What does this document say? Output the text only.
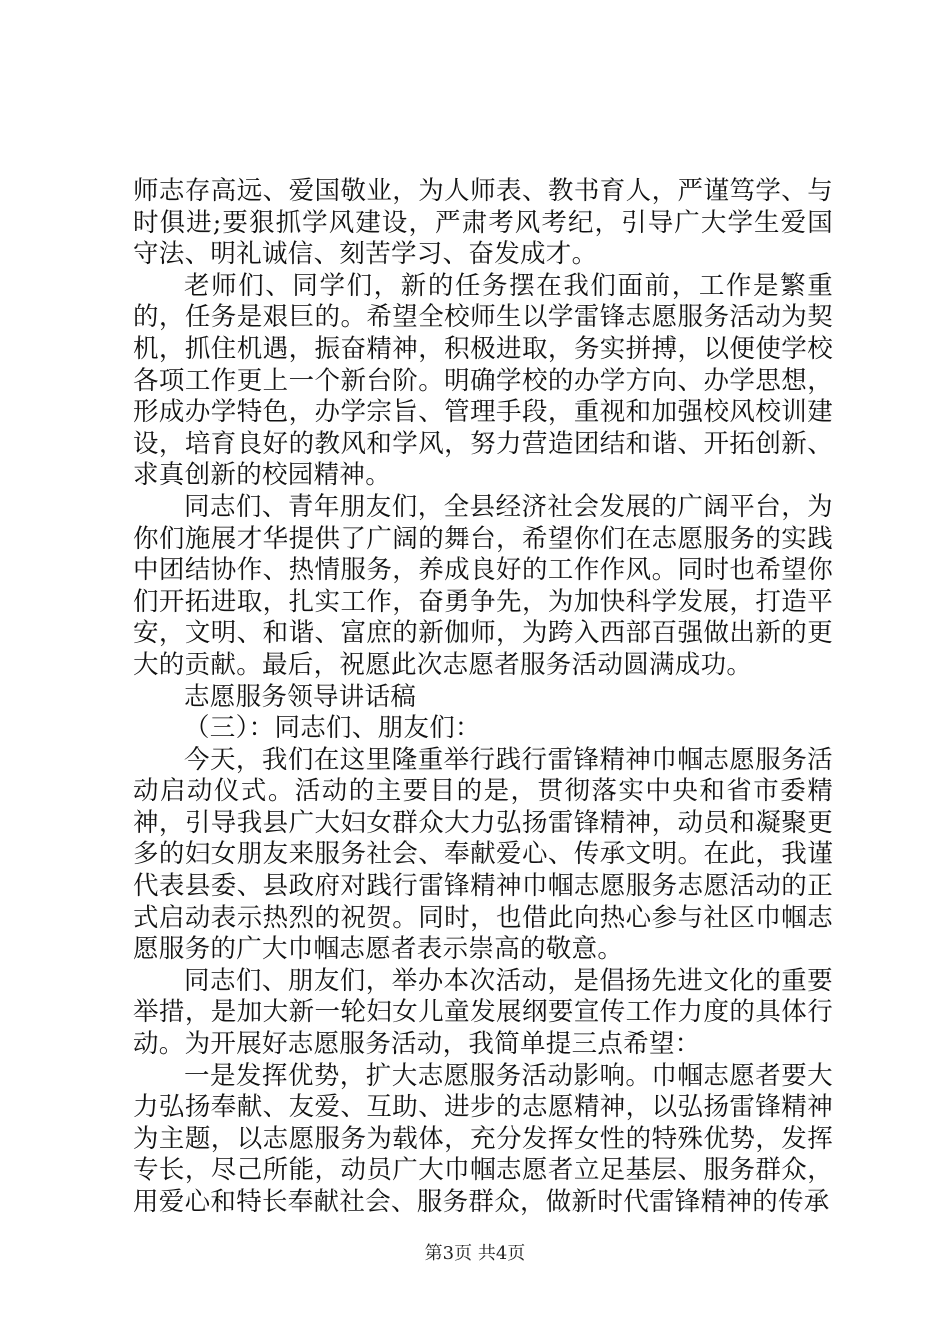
师志存高远、爱国敬业，为人师表、教书育人，严谨笃学、与时俱进;要狠抓学风建设，严肃考风考纪，引导广大学生爱国守法、明礼诚信、刻苦学习、奋发成才。

老师们、同学们，新的任务摆在我们面前，工作是繁重的，任务是艰巨的。希望全校师生以学雷锋志愿服务活动为契机，抓住机遇，振奋精神，积极进取，务实拼搏，以便使学校各项工作更上一个新台阶。明确学校的办学方向、办学思想，形成办学特色，办学宗旨、管理手段，重视和加强校风校训建设，培育良好的教风和学风，努力营造团结和谐、开拓创新、求真创新的校园精神。

同志们、青年朋友们，全县经济社会发展的广阔平台，为你们施展才华提供了广阔的舞台，希望你们在志愿服务的实践中团结协作、热情服务，养成良好的工作作风。同时也希望你们开拓进取，扎实工作，奋勇争先，为加快科学发展，打造平安，文明、和谐、富庶的新伽师，为跨入西部百强做出新的更大的贡献。最后，祝愿此次志愿者服务活动圆满成功。

志愿服务领导讲话稿

（三）：同志们、朋友们：

今天，我们在这里隆重举行践行雷锋精神巾帼志愿服务活动启动仪式。活动的主要目的是，贯彻落实中央和省市委精神，引导我县广大妇女群众大力弘扬雷锋精神，动员和凝聚更多的妇女朋友来服务社会、奉献爱心、传承文明。在此，我谨代表县委、县政府对践行雷锋精神巾帼志愿服务志愿活动的正式启动表示热烈的祝贺。同时，也借此向热心参与社区巾帼志愿服务的广大巾帼志愿者表示崇高的敬意。

同志们、朋友们，举办本次活动，是倡扬先进文化的重要举措，是加大新一轮妇女儿童发展纲要宣传工作力度的具体行动。为开展好志愿服务活动，我简单提三点希望：

一是发挥优势，扩大志愿服务活动影响。巾帼志愿者要大力弘扬奉献、友爱、互助、进步的志愿精神，以弘扬雷锋精神为主题，以志愿服务为载体，充分发挥女性的特殊优势，发挥专长，尽己所能，动员广大巾帼志愿者立足基层、服务群众，用爱心和特长奉献社会、服务群众，做新时代雷锋精神的传承

第3页 共4页
